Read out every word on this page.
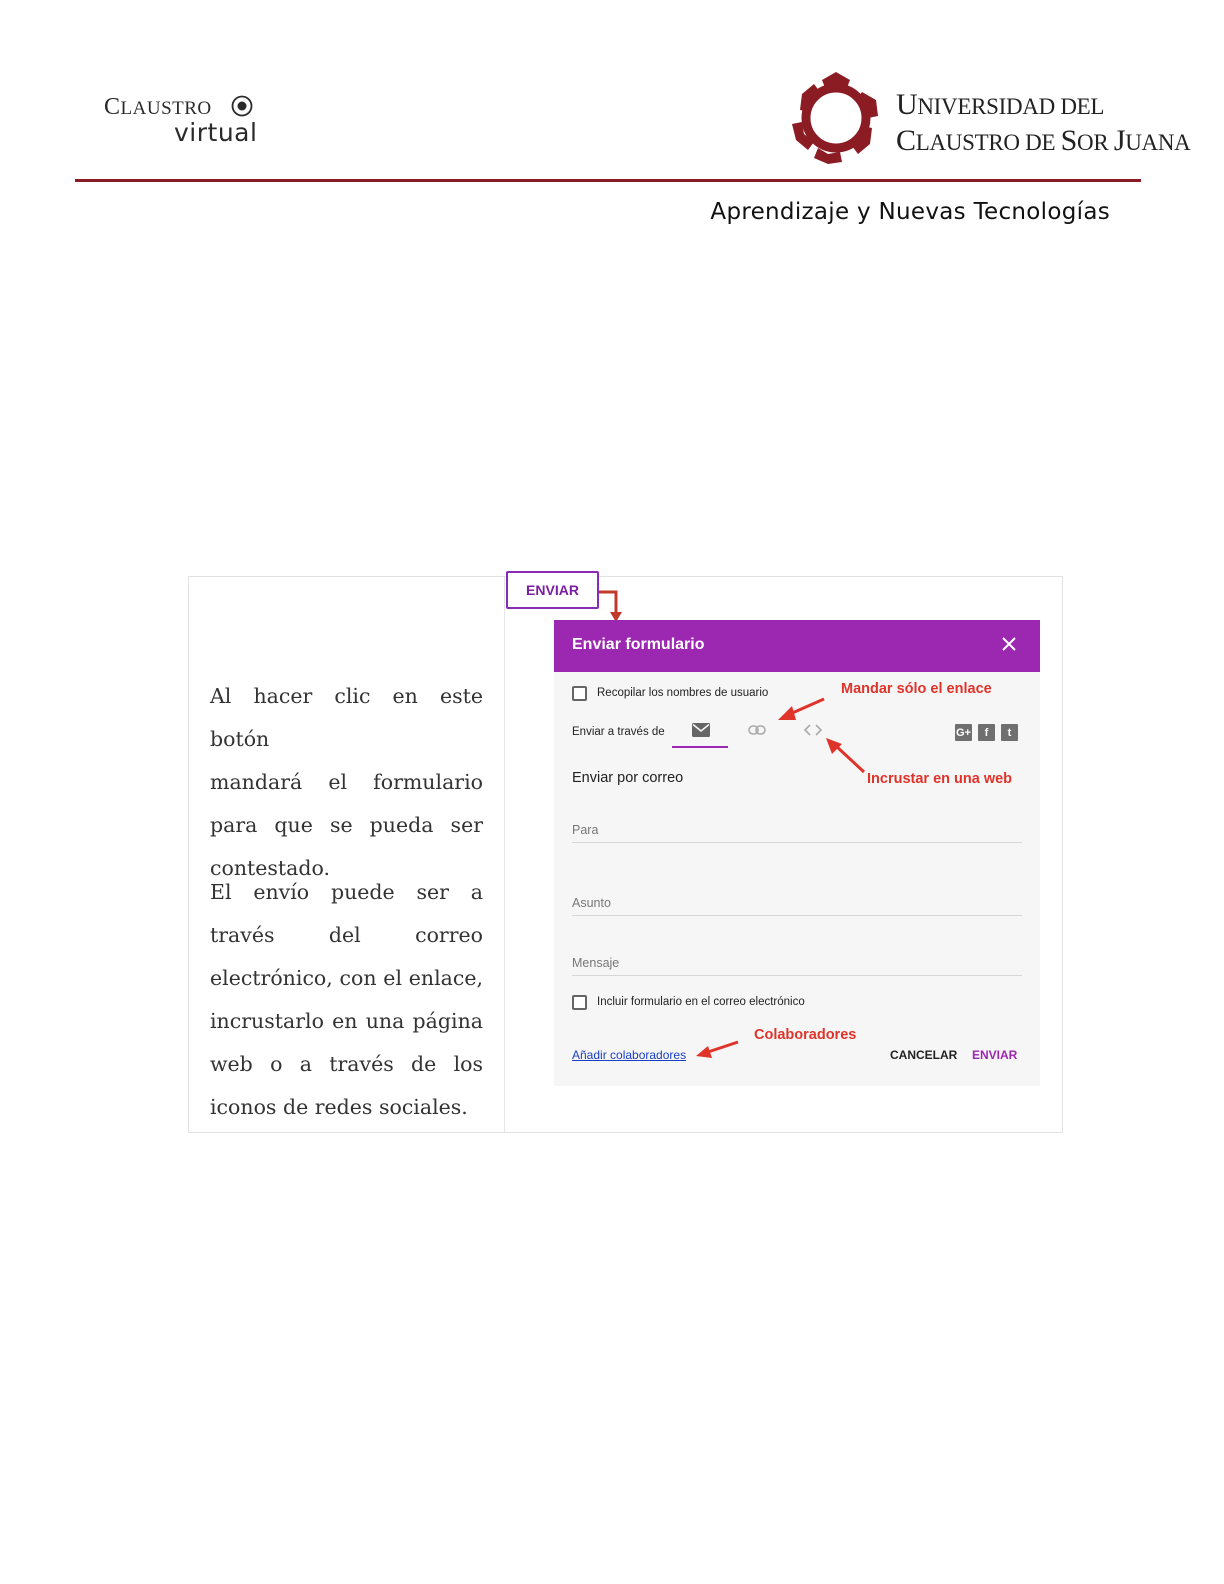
CLAUSTRO
virtual
UNIVERSIDAD DEL
CLAUSTRO DE SOR JUANA
Aprendizaje y Nuevas Tecnologías
Al hacer clic en este botón
mandará el formulario
para que se pueda ser
contestado.
El envío puede ser a
través del correo
electrónico, con el enlace,
incrustarlo en una página
web o a través de los
iconos de redes sociales.
ENVIAR
Enviar formulario
Recopilar los nombres de usuario
Enviar a través de	G+	f	t
Enviar por correo
Para
Asunto
Mensaje
Incluir formulario en el correo electrónico
Añadir colaboradores	CANCELAR ENVIAR
Mandar sólo el enlace
Incrustar en una web
Colaboradores
